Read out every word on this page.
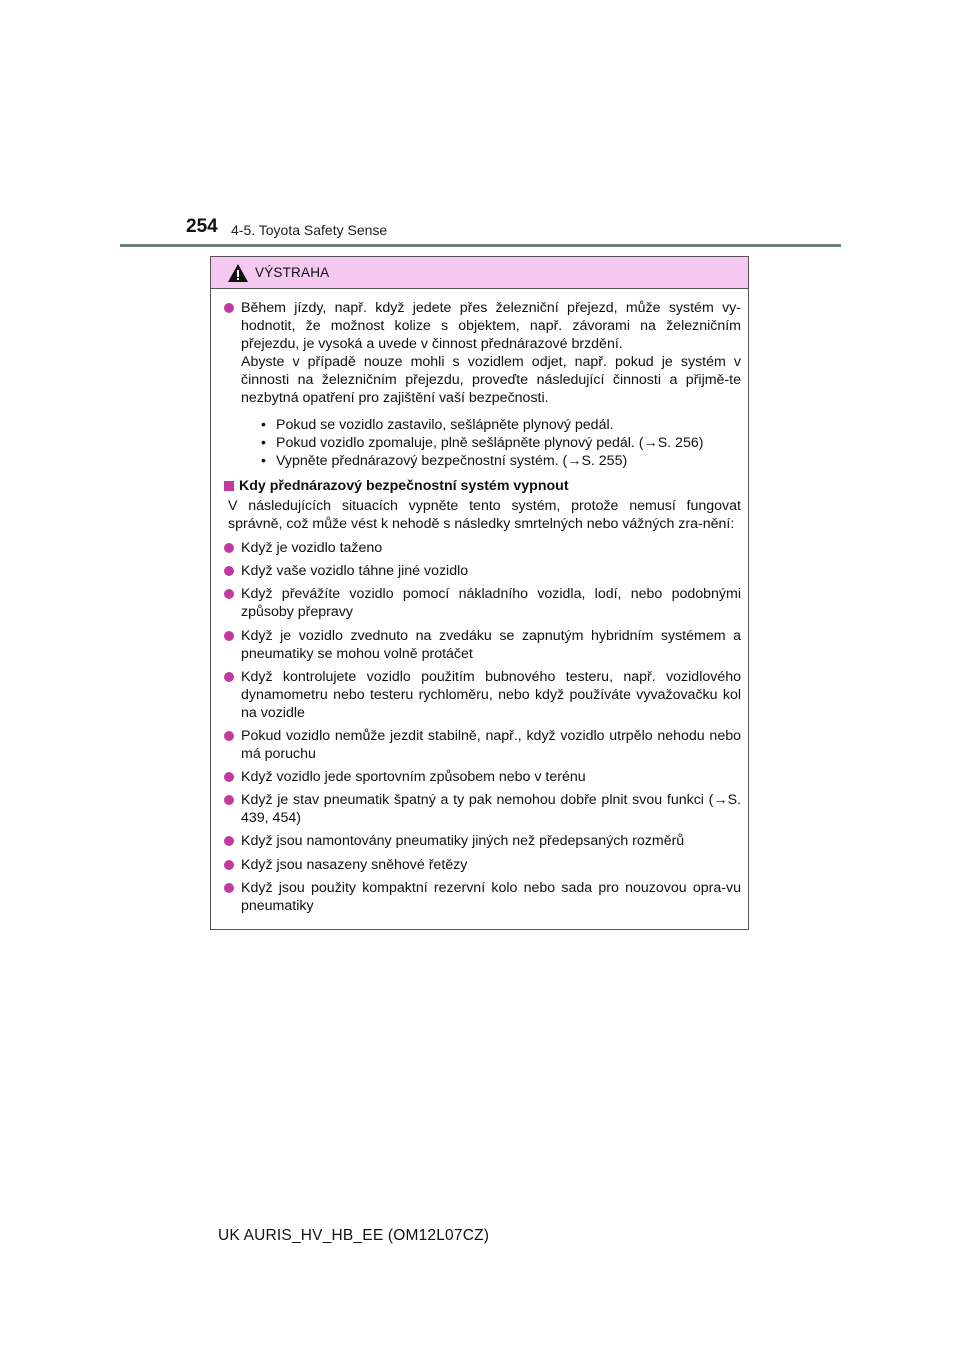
254 4-5. Toyota Safety Sense
VÝSTRAHA
Během jízdy, např. když jedete přes železniční přejezd, může systém vy-hodnotit, že možnost kolize s objektem, např. závorami na železničním přejezdu, je vysoká a uvede v činnost přednárazové brzdění.
Abyste v případě nouze mohli s vozidlem odjet, např. pokud je systém v činnosti na železničním přejezdu, proveďte následující činnosti a přijmě-te nezbytná opatření pro zajištění vaší bezpečnosti.
• Pokud se vozidlo zastavilo, sešlápněte plynový pedál.
• Pokud vozidlo zpomaluje, plně sešlápněte plynový pedál. (→S. 256)
• Vypněte přednárazový bezpečnostní systém. (→S. 255)
Kdy přednárazový bezpečnostní systém vypnout
V následujících situacích vypněte tento systém, protože nemusí fungovat správně, což může vést k nehodě s následky smrtelných nebo vážných zra-nění:
Když je vozidlo taženo
Když vaše vozidlo táhne jiné vozidlo
Když převážíte vozidlo pomocí nákladního vozidla, lodí, nebo podobnými způsoby přepravy
Když je vozidlo zvednuto na zvedáku se zapnutým hybridním systémem a pneumatiky se mohou volně protáčet
Když kontrolujete vozidlo použitím bubnového testeru, např. vozidlového dynamometru nebo testeru rychloměru, nebo když používáte vyvažovačku kol na vozidle
Pokud vozidlo nemůže jezdit stabilně, např., když vozidlo utrpělo nehodu nebo má poruchu
Když vozidlo jede sportovním způsobem nebo v terénu
Když je stav pneumatik špatný a ty pak nemohou dobře plnit svou funkci (→S. 439, 454)
Když jsou namontovány pneumatiky jiných než předepsaných rozměrů
Když jsou nasazeny sněhové řetězy
Když jsou použity kompaktní rezervní kolo nebo sada pro nouzovou opra-vu pneumatiky
UK AURIS_HV_HB_EE (OM12L07CZ)
